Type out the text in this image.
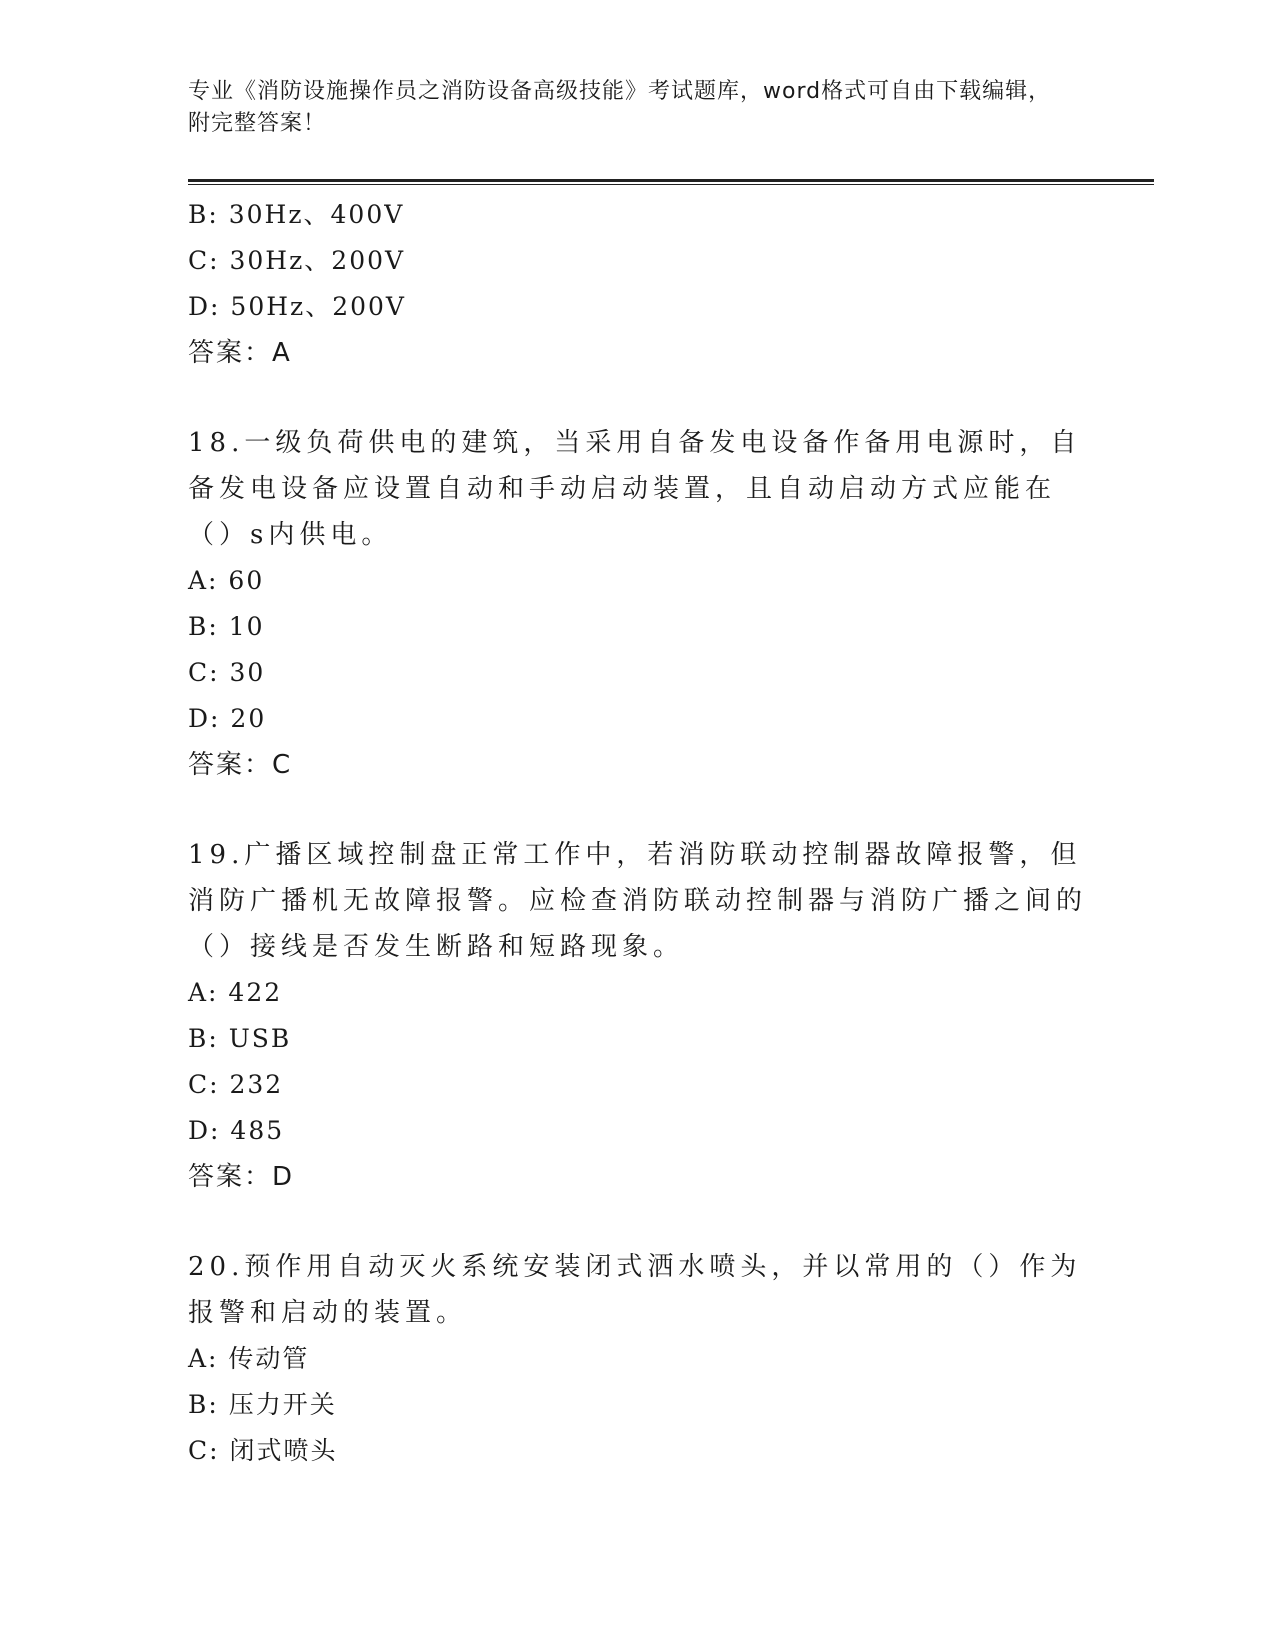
专业《消防设施操作员之消防设备高级技能》考试题库，word格式可自由下载编辑，附完整答案！
B: 30Hz、400V
C: 30Hz、200V
D: 50Hz、200V
答案：A
18.一级负荷供电的建筑，当采用自备发电设备作备用电源时，自备发电设备应设置自动和手动启动装置，且自动启动方式应能在（）s内供电。
A: 60
B: 10
C: 30
D: 20
答案：C
19.广播区域控制盘正常工作中，若消防联动控制器故障报警，但消防广播机无故障报警。应检查消防联动控制器与消防广播之间的（）接线是否发生断路和短路现象。
A: 422
B: USB
C: 232
D: 485
答案：D
20.预作用自动灭火系统安装闭式洒水喷头，并以常用的（）作为报警和启动的装置。
A: 传动管
B: 压力开关
C: 闭式喷头
